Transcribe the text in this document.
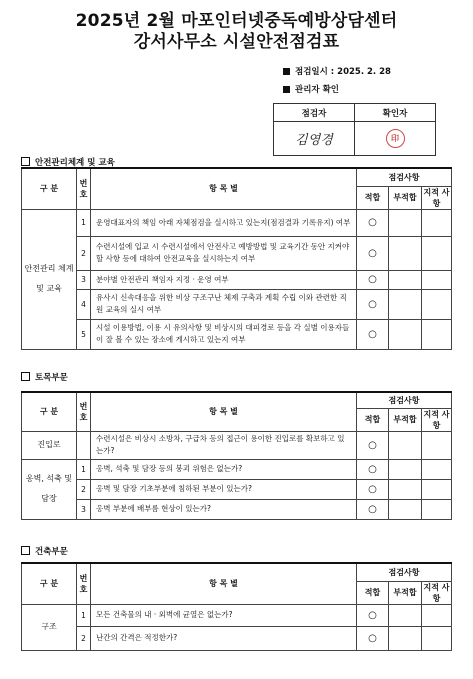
2025년 2월 마포인터넷중독예방상담센터
강서사무소 시설안전점검표
점검일시 : 2025. 2. 28
관리자 확인
점검자	확인자
김영경	印
안전관리체계 및 교육
구 분	번 호	항 목 별	점검사항		
			적합	부적합	지적 사항
안전관리 체계 및 교육	1	운영대표자의 책임 아래 자체점검을 실시하고 있는지(점검결과 기록유지) 여부	○		
	2	수련시설에 입교 시 수련시설에서 안전사고 예방방법 및 교육기간 동안 지켜야 할 사항 등에 대하여 안전교육을 실시하는지 여부	○		
	3	분야별 안전관리 책임자 지정 · 운영 여부	○		
	4	유사시 신속대응을 위한 비상 구조구난 체제 구축과 계획 수립 이와 관련한 직원 교육의 실시 여부	○		
	5	시설 이용방법, 이용 시 유의사항 및 비상시의 대피경로 등을 각 실별 이용자들이 잘 볼 수 있는 장소에 게시하고 있는지 여부	○		
토목부문
구 분	번 호	항 목 별	점검사항		
			적합	부적합	지적 사항
진입로		수련시설은 비상시 소방차, 구급차 등의 접근이 용이한 진입로를 확보하고 있는가?	○		
옹벽, 석축 및 담장	1	옹벽, 석축 및 담장 등의 붕괴 위험은 없는가?	○		
	2	옹벽 및 담장 기초부분에 침하된 부분이 있는가?	○		
	3	옹벽 부분에 배부름 현상이 있는가?	○		
건축부문
구 분	번 호	항 목 별	점검사항		
			적합	부적합	지적 사항
구조	1	모든 건축물의 내 · 외벽에 균열은 없는가?	○		
	2	난간의 간격은 적정한가?	○		
